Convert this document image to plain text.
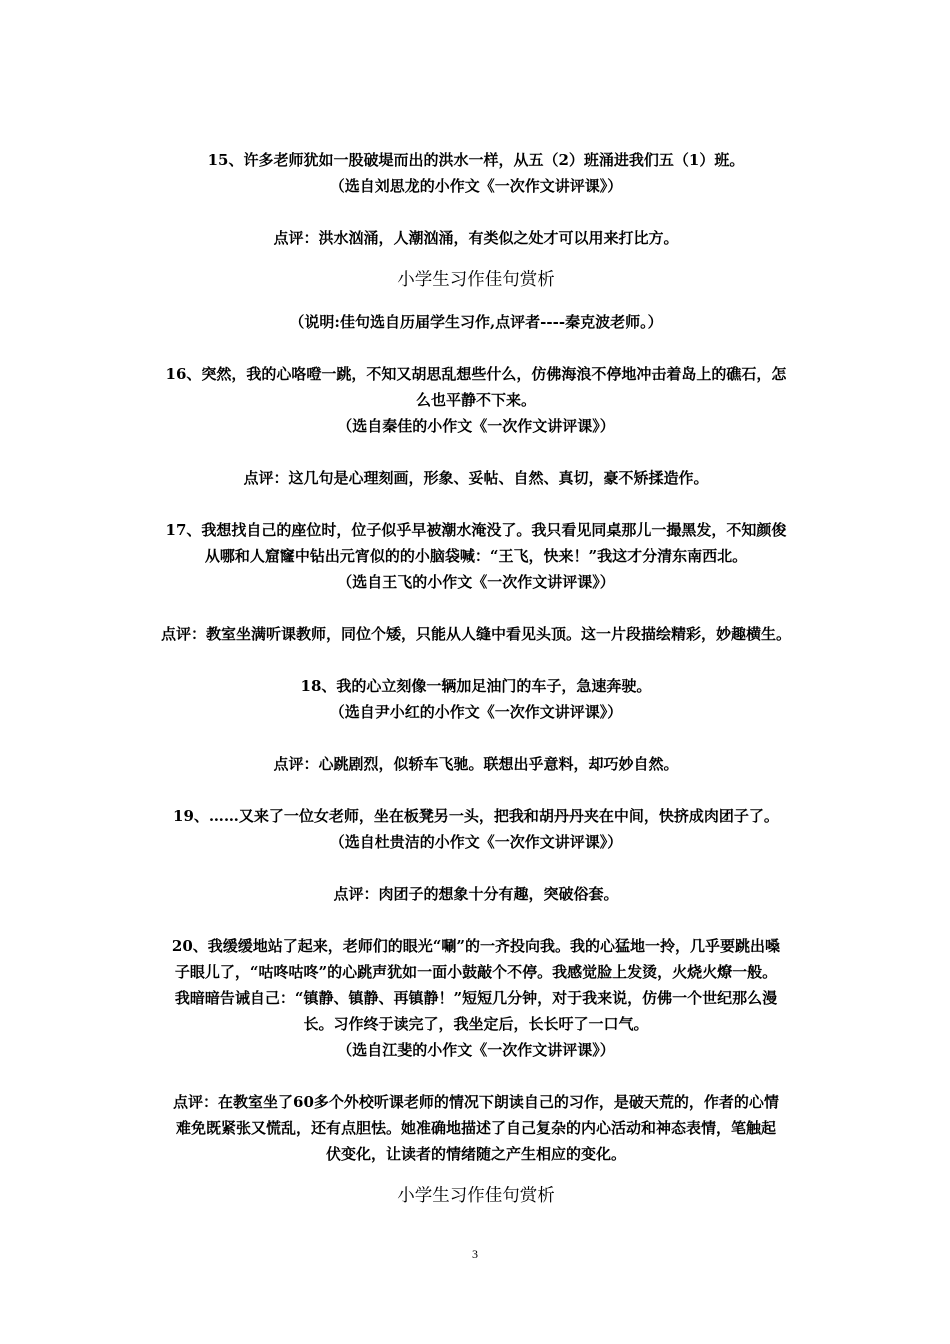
15、许多老师犹如一股破堤而出的洪水一样，从五（2）班涌进我们五（1）班。

（选自刘思龙的小作文《一次作文讲评课》）

点评：洪水汹涌，人潮汹涌，有类似之处才可以用来打比方。

小学生习作佳句赏析

（说明:佳句选自历届学生习作,点评者----秦克波老师。）

16、突然，我的心咯噔一跳，不知又胡思乱想些什么，仿佛海浪不停地冲击着岛上的礁石，怎

么也平静不下来。

（选自秦佳的小作文《一次作文讲评课》）

点评：这几句是心理刻画，形象、妥帖、自然、真切，豪不矫揉造作。

17、我想找自己的座位时，位子似乎早被潮水淹没了。我只看见同桌那儿一撮黑发，不知颜俊

从哪和人窟窿中钻出元宵似的的小脑袋喊：“王飞，快来！”我这才分清东南西北。

（选自王飞的小作文《一次作文讲评课》）

点评：教室坐满听课教师，同位个矮，只能从人缝中看见头顶。这一片段描绘精彩，妙趣横生。

18、我的心立刻像一辆加足油门的车子，急速奔驶。

（选自尹小红的小作文《一次作文讲评课》）

点评：心跳剧烈，似轿车飞驰。联想出乎意料，却巧妙自然。

19、……又来了一位女老师，坐在板凳另一头，把我和胡丹丹夹在中间，快挤成肉团子了。

（选自杜贵洁的小作文《一次作文讲评课》）

点评：肉团子的想象十分有趣，突破俗套。

20、我缓缓地站了起来，老师们的眼光“唰”的一齐投向我。我的心猛地一拎，几乎要跳出嗓

子眼儿了，“咕咚咕咚”的心跳声犹如一面小鼓敲个不停。我感觉脸上发烫，火烧火燎一般。

我暗暗告诫自己：“镇静、镇静、再镇静！”短短几分钟，对于我来说，仿佛一个世纪那么漫

长。习作终于读完了，我坐定后，长长吁了一口气。

（选自江斐的小作文《一次作文讲评课》）

点评：在教室坐了60多个外校听课老师的情况下朗读自己的习作，是破天荒的，作者的心情

难免既紧张又慌乱，还有点胆怯。她准确地描述了自己复杂的内心活动和神态表情，笔触起

伏变化，让读者的情绪随之产生相应的变化。

小学生习作佳句赏析

3
